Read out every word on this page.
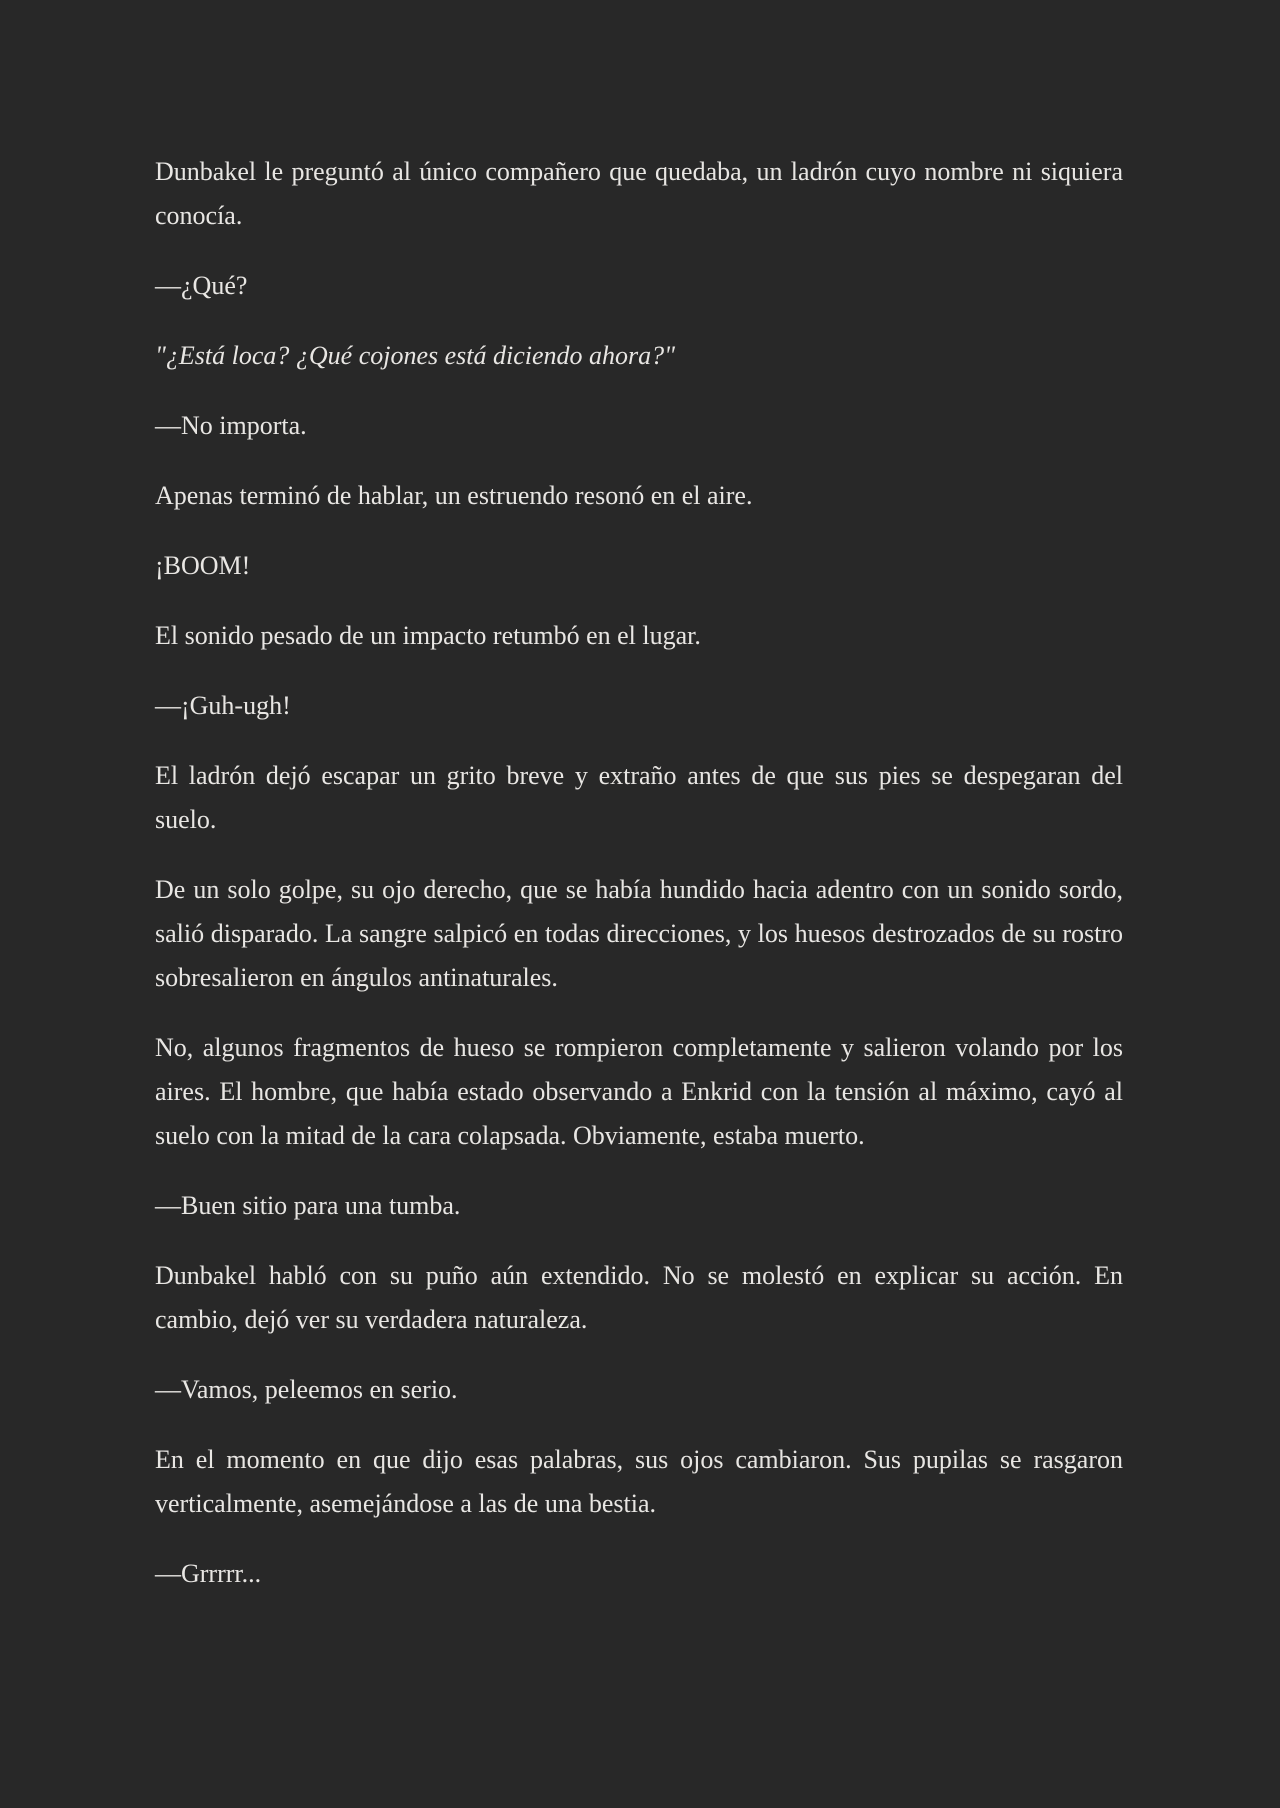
Dunbakel le preguntó al único compañero que quedaba, un ladrón cuyo nombre ni siquiera conocía.

—¿Qué?

"¿Está loca? ¿Qué cojones está diciendo ahora?"

—No importa.

Apenas terminó de hablar, un estruendo resonó en el aire.

¡BOOM!

El sonido pesado de un impacto retumbó en el lugar.

—¡Guh-ugh!

El ladrón dejó escapar un grito breve y extraño antes de que sus pies se despegaran del suelo.

De un solo golpe, su ojo derecho, que se había hundido hacia adentro con un sonido sordo, salió disparado. La sangre salpicó en todas direcciones, y los huesos destrozados de su rostro sobresalieron en ángulos antinaturales.

No, algunos fragmentos de hueso se rompieron completamente y salieron volando por los aires. El hombre, que había estado observando a Enkrid con la tensión al máximo, cayó al suelo con la mitad de la cara colapsada. Obviamente, estaba muerto.

—Buen sitio para una tumba.

Dunbakel habló con su puño aún extendido. No se molestó en explicar su acción. En cambio, dejó ver su verdadera naturaleza.

—Vamos, peleemos en serio.

En el momento en que dijo esas palabras, sus ojos cambiaron. Sus pupilas se rasgaron verticalmente, asemejándose a las de una bestia.

—Grrrrr...
